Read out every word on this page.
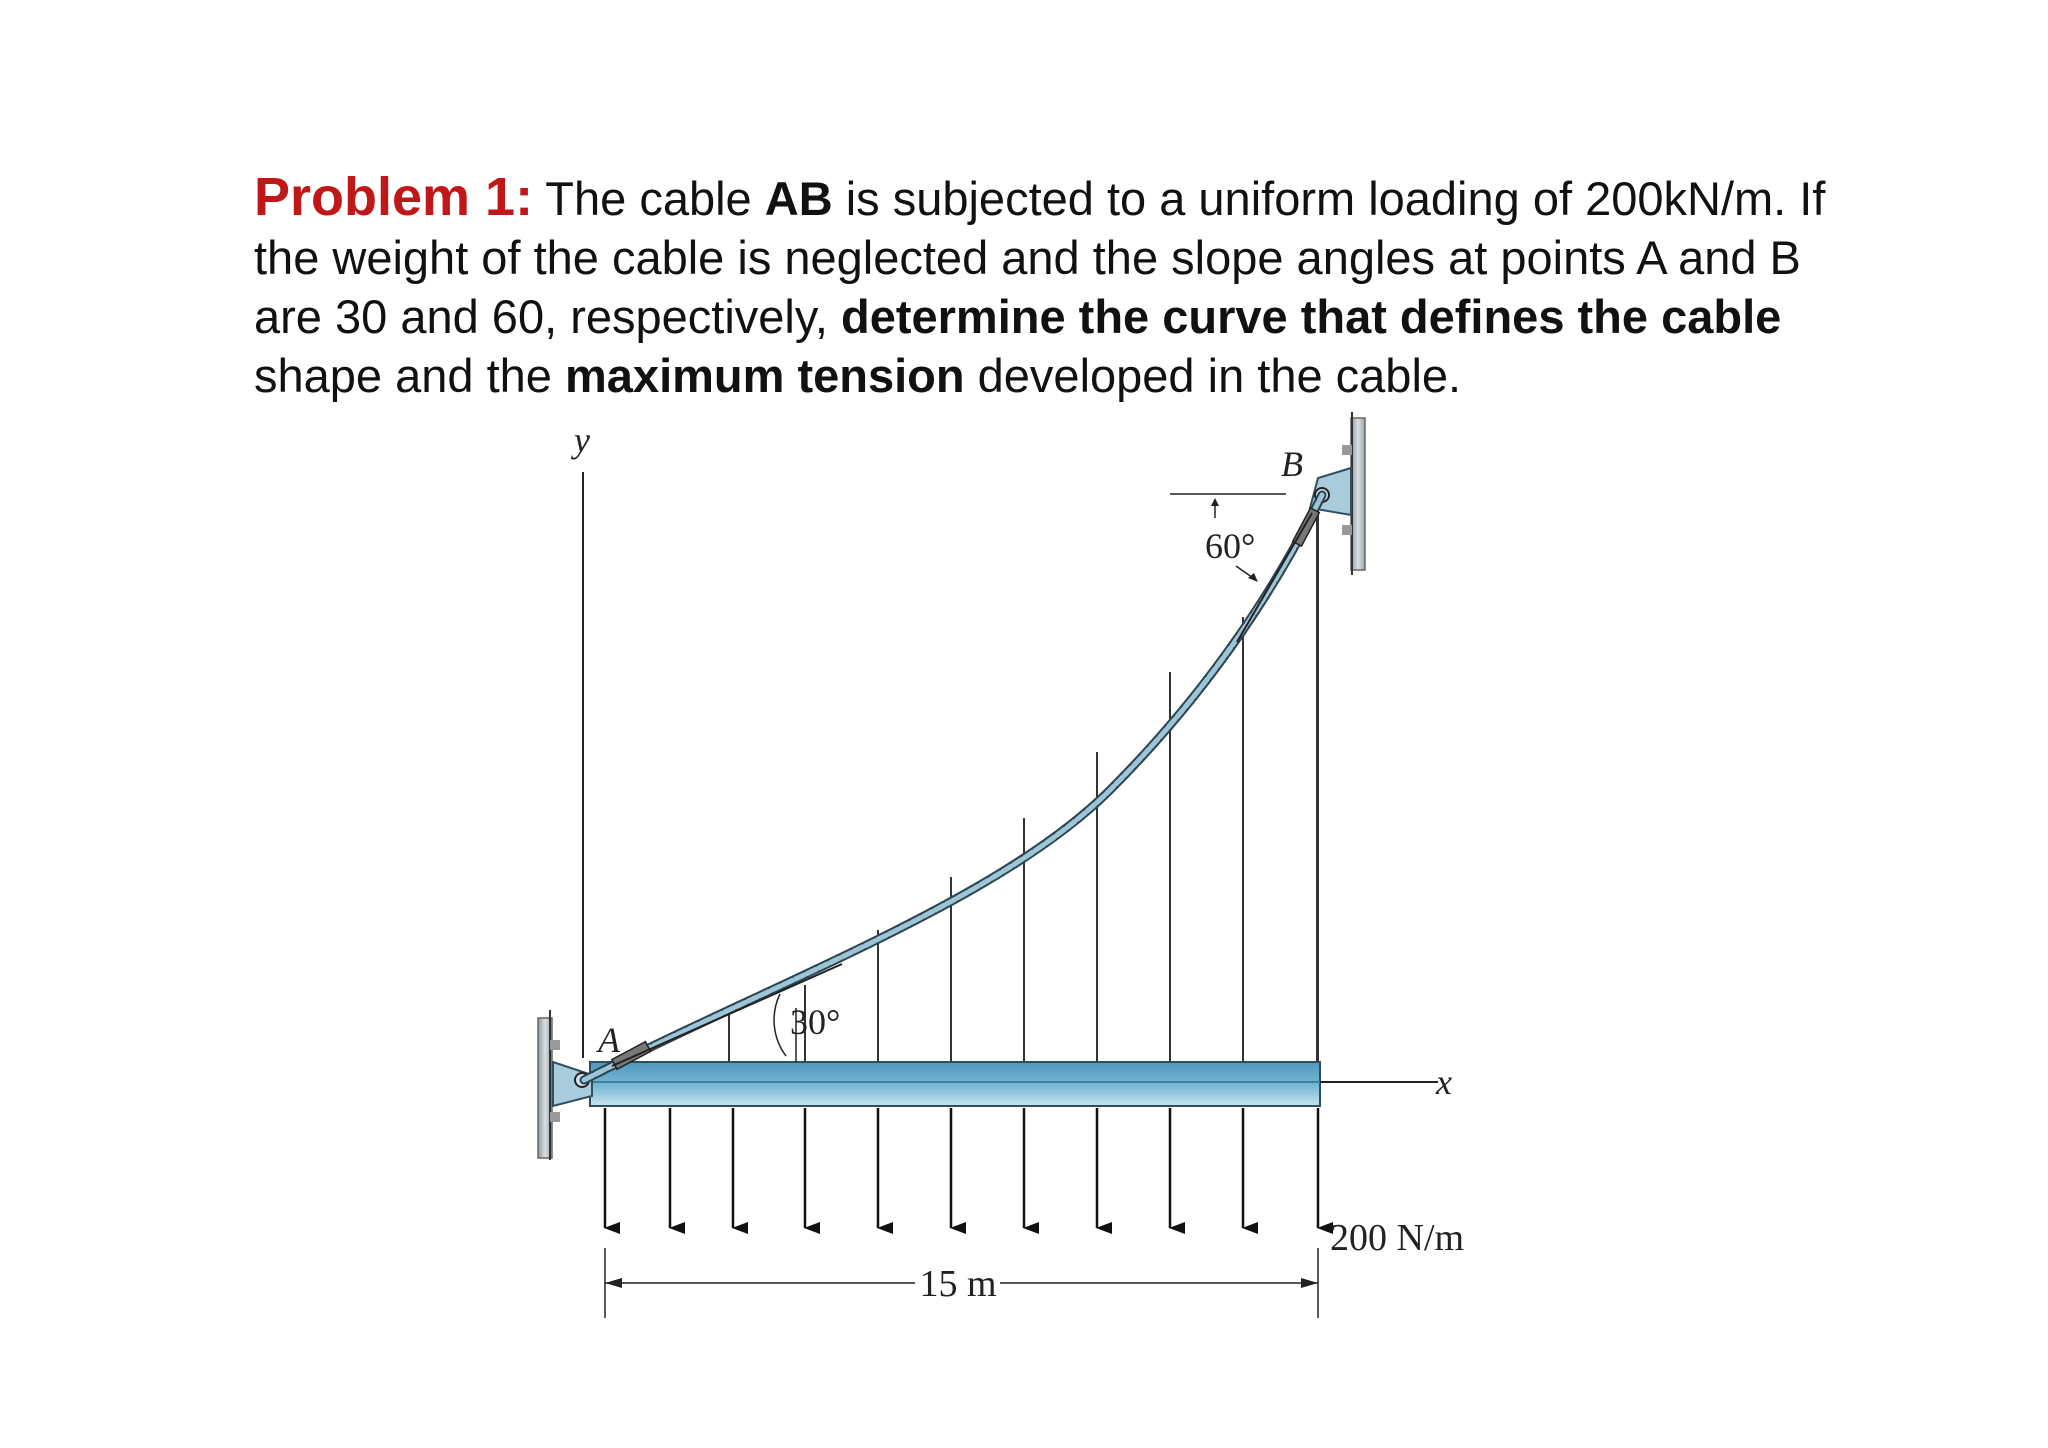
Problem 1: The cable AB is subjected to a uniform loading of 200kN/m. If the weight of the cable is neglected and the slope angles at points A and B are 30 and 60, respectively, determine the curve that defines the cable shape and the maximum tension developed in the cable.
y
x
A
B
30°
60°
200 N/m
15 m
